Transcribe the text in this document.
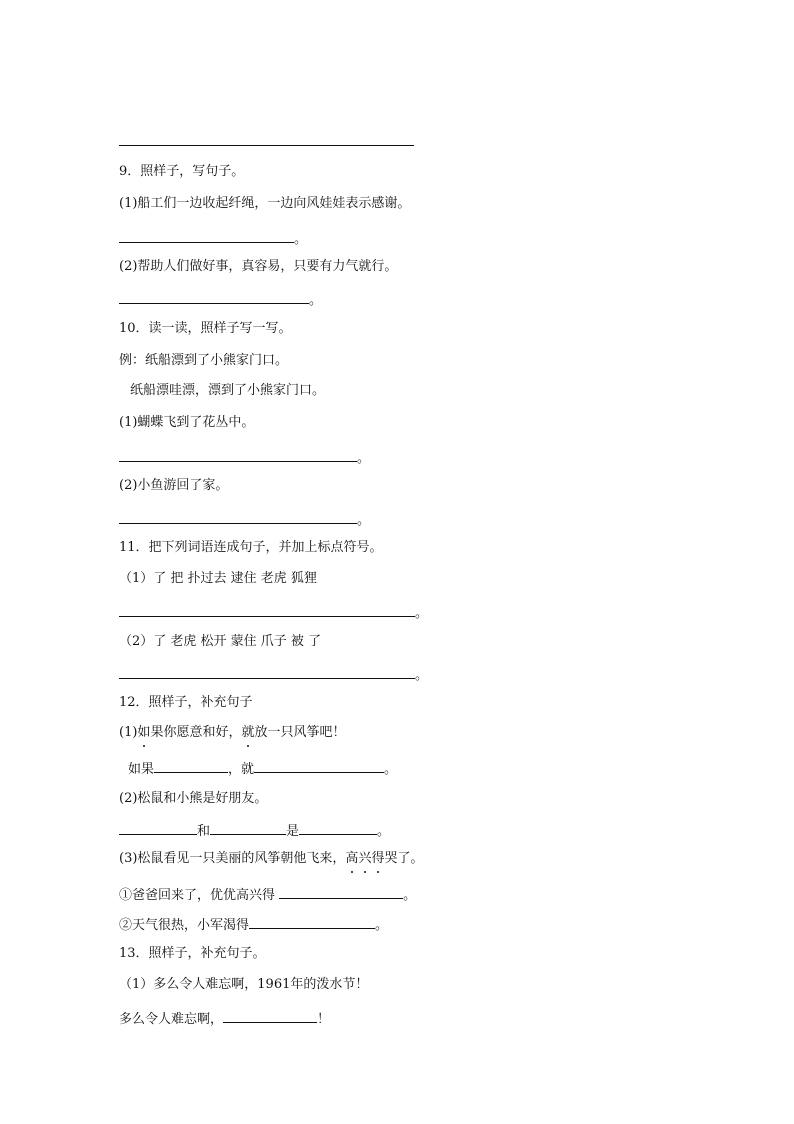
9．照样子，写句子。
(1)船工们一边收起纤绳，一边向风娃娃表示感谢。
。
(2)帮助人们做好事，真容易，只要有力气就行。
。
10．读一读，照样子写一写。
例：纸船漂到了小熊家门口。
纸船漂哇漂，漂到了小熊家门口。
(1)蝴蝶飞到了花丛中。
。
(2)小鱼游回了家。
。
11．把下列词语连成句子，并加上标点符号。
（1）了 把 扑过去 逮住 老虎 狐狸
。
（2）了 老虎 松开 蒙住 爪子 被 了
。
12．照样子，补充句子
(1)如果你愿意和好，就放一只风筝吧！
如果	，就	。
(2)松鼠和小熊是好朋友。
和	是	。
(3)松鼠看见一只美丽的风筝朝他飞来，高兴得哭了。
①爸爸回来了，优优高兴得	。
②天气很热，小军渴得	。
13．照样子，补充句子。
（1）多么令人难忘啊，1961年的泼水节！
多么令人难忘啊，	！
